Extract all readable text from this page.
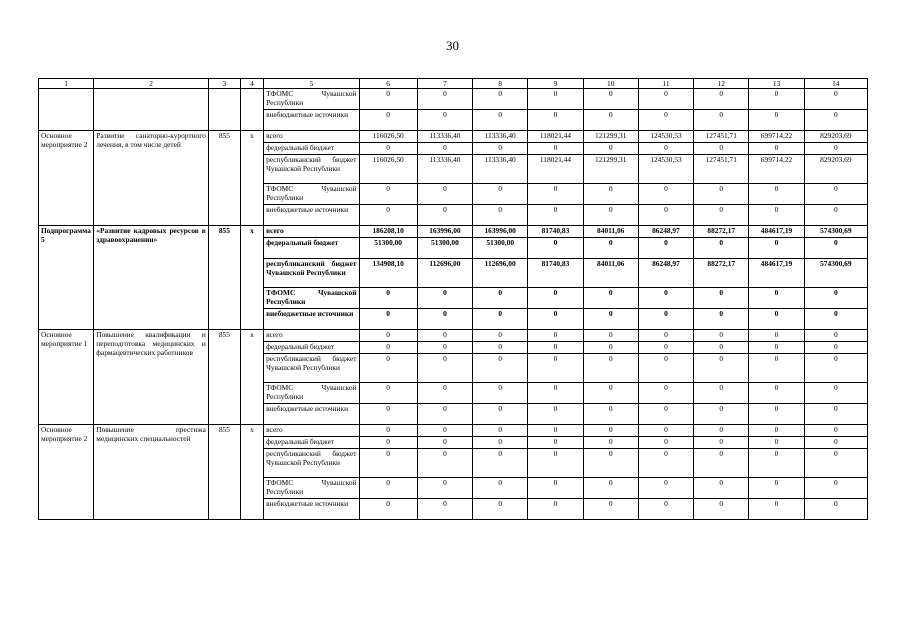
30
1	2	3	4	5	6	7	8	9	10	11	12	13	14
				ТФОМС Чувашской Республики	0	0	0	0	0	0	0	0	0
				внебюджетные источники	0	0	0	0	0	0	0	0	0
Основное мероприятие 2	Развитие санаторно-курортного лечения, в том числе детей	855	x	всего	116026,50	113336,40	113336,40	118021,44	121299,31	124530,53	127451,71	699714,22	829203,69
				федеральный бюджет	0	0	0	0	0	0	0	0	0
				республиканский бюджет Чувашской Республики	116026,50	113336,40	113336,40	118021,44	121299,31	124530,53	127451,71	699714,22	829203,69
				ТФОМС Чувашской Республики	0	0	0	0	0	0	0	0	0
				внебюджетные источники	0	0	0	0	0	0	0	0	0
Подпрограмма 5	«Развитие кадровых ресурсов в здравоохранении»	855	x	всего	186208,10	163996,00	163996,00	81740,83	84011,06	86248,97	88272,17	484617,19	574300,69
				федеральный бюджет	51300,00	51300,00	51300,00	0	0	0	0	0	0
				республиканский бюджет Чувашской Республики	134908,10	112696,00	112696,00	81740,83	84011,06	86248,97	88272,17	484617,19	574300,69
				ТФОМС Чувашской Республики	0	0	0	0	0	0	0	0	0
				внебюджетные источники	0	0	0	0	0	0	0	0	0
Основное мероприятие 1	Повышение квалификации и переподготовка медицинских и фармацевтических работников	855	x	всего	0	0	0	0	0	0	0	0	0
				федеральный бюджет	0	0	0	0	0	0	0	0	0
				республиканский бюджет Чувашской Республики	0	0	0	0	0	0	0	0	0
				ТФОМС Чувашской Республики	0	0	0	0	0	0	0	0	0
				внебюджетные источники	0	0	0	0	0	0	0	0	0
Основное мероприятие 2	Повышение престижа медицинских специальностей	855	x	всего	0	0	0	0	0	0	0	0	0
				федеральный бюджет	0	0	0	0	0	0	0	0	0
				республиканский бюджет Чувашской Республики	0	0	0	0	0	0	0	0	0
				ТФОМС Чувашской Республики	0	0	0	0	0	0	0	0	0
				внебюджетные источники	0	0	0	0	0	0	0	0	0
